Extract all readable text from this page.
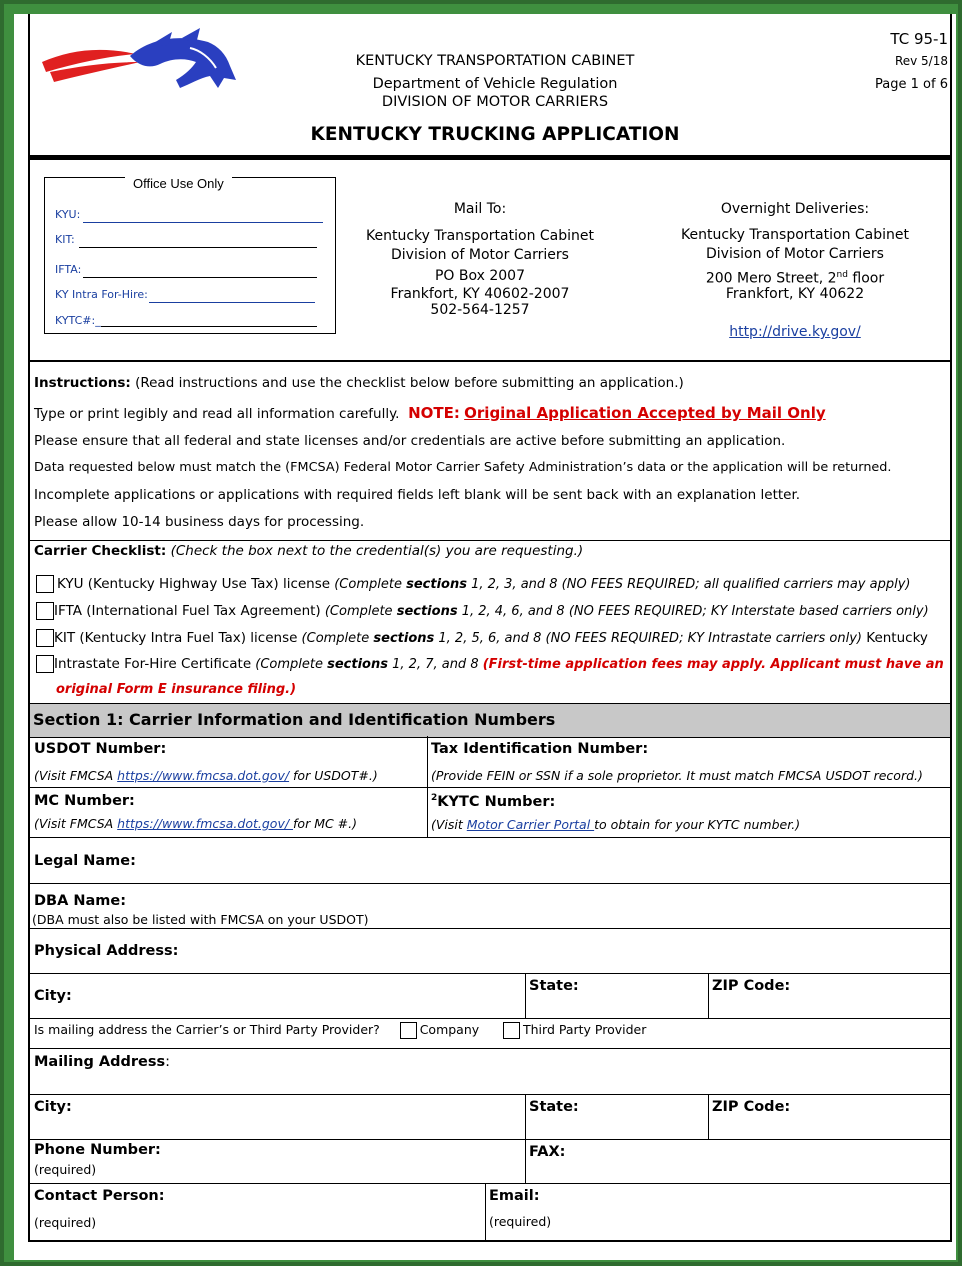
KENTUCKY TRANSPORTATION CABINET
Department of Vehicle Regulation
DIVISION OF MOTOR CARRIERS
TC 95-1
Rev 5/18
Page 1 of 6
KENTUCKY TRUCKING APPLICATION
Office Use Only
KYU:
KIT:
IFTA:
KY Intra For-Hire:
KYTC#:_
Mail To:
Kentucky Transportation Cabinet
Division of Motor Carriers
PO Box 2007
Frankfort, KY 40602-2007
502-564-1257
Overnight Deliveries:
Kentucky Transportation Cabinet
Division of Motor Carriers
200 Mero Street, 2nd floor
Frankfort, KY 40622
http://drive.ky.gov/
Instructions: (Read instructions and use the checklist below before submitting an application.)
Type or print legibly and read all information carefully. NOTE: Original Application Accepted by Mail Only
Please ensure that all federal and state licenses and/or credentials are active before submitting an application.
Data requested below must match the (FMCSA) Federal Motor Carrier Safety Administration’s data or the application will be returned.
Incomplete applications or applications with required fields left blank will be sent back with an explanation letter.
Please allow 10-14 business days for processing.
Carrier Checklist: (Check the box next to the credential(s) you are requesting.)
KYU (Kentucky Highway Use Tax) license (Complete sections 1, 2, 3, and 8 (NO FEES REQUIRED; all qualified carriers may apply)
IFTA (International Fuel Tax Agreement) (Complete sections 1, 2, 4, 6, and 8 (NO FEES REQUIRED; KY Interstate based carriers only)
KIT (Kentucky Intra Fuel Tax) license (Complete sections 1, 2, 5, 6, and 8 (NO FEES REQUIRED; KY Intrastate carriers only) Kentucky
Intrastate For-Hire Certificate (Complete sections 1, 2, 7, and 8 (First-time application fees may apply. Applicant must have an
original Form E insurance filing.)
Section 1: Carrier Information and Identification Numbers
USDOT Number:
(Visit FMCSA https://www.fmcsa.dot.gov/ for USDOT#.)
Tax Identification Number:
(Provide FEIN or SSN if a sole proprietor. It must match FMCSA USDOT record.)
MC Number:
(Visit FMCSA https://www.fmcsa.dot.gov/ for MC #.)
$^2$KYTC Number:
(Visit Motor Carrier Portal to obtain for your KYTC number.)
Legal Name:
DBA Name:
(DBA must also be listed with FMCSA on your USDOT)
Physical Address:
City:
State:	ZIP Code:
Is mailing address the Carrier’s or Third Party Provider?	Company	Third Party Provider
Mailing Address:
City:	State:	ZIP Code:
Phone Number:
(required)
FAX:
Contact Person:
(required)
Email:
(required)
